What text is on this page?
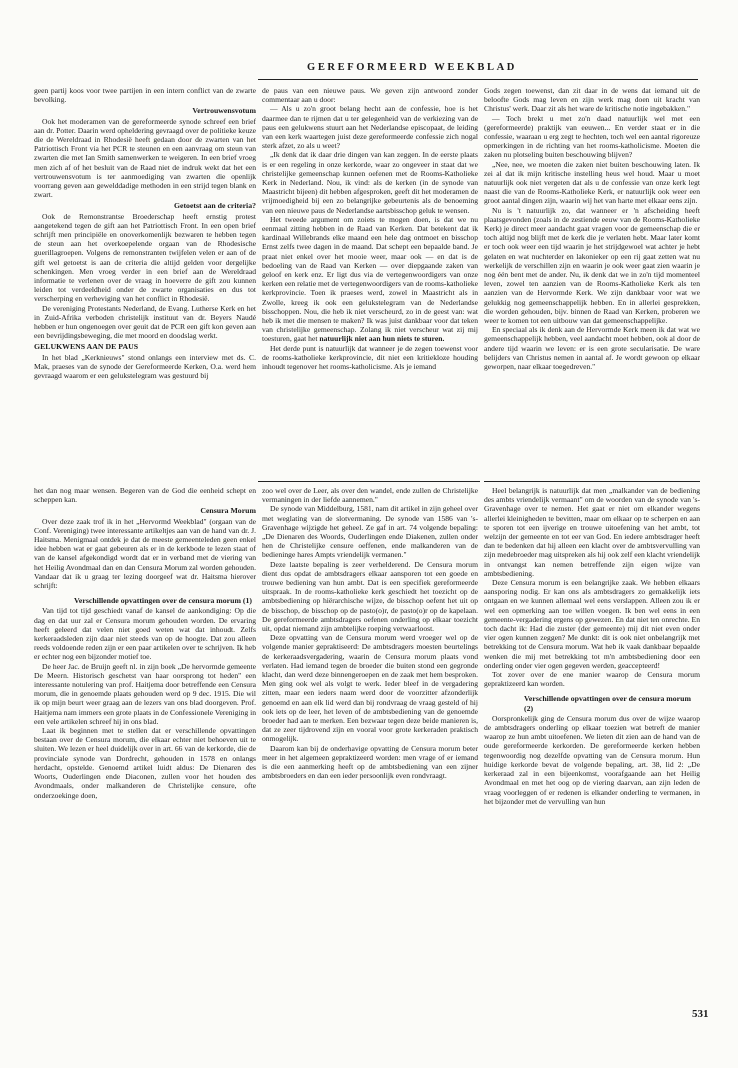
GEREFORMEERD WEEKBLAD

geen partij koos voor twee partijen in een intern conflict van de zwarte bevolking.

Vertrouwensvotum

Ook het moderamen van de gereformeerde synode schreef een brief aan dr. Potter. Daarin werd opheldering gevraagd over de politieke keuze die de Wereldraad in Rhodesië heeft gedaan door de zwarten van het Patriottisch Front via het PCR te steunen en een aanvraag om steun van zwarten die met Ian Smith samenwerken te weigeren. In een brief vroeg men zich af of het besluit van de Raad niet de indruk wekt dat het een vertrouwensvotum is ter aanmoediging van zwarten die openlijk voorrang geven aan gewelddadige methoden in een strijd tegen blank en zwart.

Getoetst aan de criteria?

Ook de Remonstrantse Broederschap heeft ernstig protest aangetekend tegen de gift aan het Patriottisch Front. In een open brief schrijft men principiële en onoverkomenlijk bezwaren te hebben tegen de steun aan het overkoepelende orgaan van de Rhodesische guerillagroepen. Volgens de remonstranten twijfelen velen er aan of de gift wel getoetst is aan de criteria die altijd gelden voor dergelijke schenkingen. Men vroeg verder in een brief aan de Wereldraad informatie te verlenen over de vraag in hoeverre de gift zou kunnen leiden tot verdeeldheid onder de zwarte organisaties en dus tot verscherping en verheviging van het conflict in Rhodesië.

De vereniging Protestants Nederland, de Evang. Lutherse Kerk en het in Zuid-Afrika verboden christelijk instituut van dr. Beyers Naudé hebben er hun ongenoegen over geuit dat de PCR een gift kon geven aan een bevrijdingsbeweging, die met moord en doodslag werkt.

GELUKWENS AAN DE PAUS

In het blad „Kerknieuws" stond onlangs een interview met ds. C. Mak, praeses van de synode der Gereformeerde Kerken, O.a. werd hem gevraagd waarom er een gelukstelegram was gestuurd bij

de paus van een nieuwe paus. We geven zijn antwoord zonder commentaar aan u door:

— Als u zo'n groot belang hecht aan de confessie, hoe is het daarmee dan te rijmen dat u ter gelegenheid van de verkiezing van de paus een gelukwens stuurt aan het Nederlandse episcopaat, de leiding van een kerk waartegen juist deze gereformeerde confessie zich nogal sterk afzet, zo als u weet?

„Ik denk dat ik daar drie dingen van kan zeggen. In de eerste plaats is er een regeling in onze kerkorde, waar zo ongeveer in staat dat we christelijke gemeenschap kunnen oefenen met de Rooms-Katholieke Kerk in Nederland. Nou, ik vind: als de kerken (in de synode van Maastricht bijeen) dit hebben afgesproken, geeft dit het moderamen de vrijmoedigheid bij een zo belangrijke gebeurtenis als de benoeming van een nieuwe paus de Nederlandse aartsbisschop geluk te wensen.

Het tweede argument om zoiets te mogen doen, is dat we nu eenmaal zitting hebben in de Raad van Kerken. Dat betekent dat ik kardinaal Willebrands elke maand een hele dag ontmoet en bisschop Ernst zelfs twee dagen in de maand. Dat schept een bepaalde band. Je praat niet enkel over het mooie weer, maar ook — en dat is de bedoeling van de Raad van Kerken — over diepgaande zaken van geloof en kerk enz. Er ligt dus via de vertegenwoordigers van onze kerken een relatie met de vertegenwoordigers van de rooms-katholieke kerkprovincie. Toen ik praeses werd, zowel in Maastricht als in Zwolle, kreeg ik ook een gelukstelegram van de Nederlandse bisschoppen. Nou, die heb ik niet verscheurd, zo in de geest van: wat heb ik met die mensen te maken? Ik was juist dankbaar voor dat teken van christelijke gemeenschap. Zolang ik niet verscheur wat zij mij toesturen, gaat het natuurlijk niet aan hun niets te sturen.

Het derde punt is natuurlijk dat wanneer je de zegen toewenst voor de rooms-katholieke kerkprovincie, dit niet een kritiekloze houding inhoudt tegenover het rooms-katholicisme. Als je iemand

Gods zegen toewenst, dan zit daar in de wens dat iemand uit de beloofte Gods mag leven en zijn werk mag doen uit kracht van Christus' werk. Daar zit als het ware de kritische notie ingebakken."

— Toch brekt u met zo'n daad natuurlijk wel met een (gereformeerde) praktijk van eeuwen... En verder staat er in die confessie, waaraan u erg zegt te hechten, toch wel een aantal rigoreuze opmerkingen in de richting van het rooms-katholicisme. Moeten die zaken nu plotseling buiten beschouwing blijven?

„Nee, nee, we moeten die zaken niet buiten beschouwing laten. Ik zei al dat ik mijn kritische instelling heus wel houd. Maar u moet natuurlijk ook niet vergeten dat als u de confessie van onze kerk legt naast die van de Rooms-Katholieke Kerk, er natuurlijk ook weer een groot aantal dingen zijn, waarin wij het van harte met elkaar eens zijn.

Nu is 't natuurlijk zo, dat wanneer er 'n afscheiding heeft plaatsgevonden (zoals in de zestiende eeuw van de Rooms-Katholieke Kerk) je direct meer aandacht gaat vragen voor de gemeenschap die er toch altijd nog blijft met de kerk die je verlaten hebt. Maar later komt er toch ook weer een tijd waarin je het strijdgewoel wat achter je hebt gelaten en wat nuchterder en lakonieker op een rij gaat zetten wat nu werkelijk de verschillen zijn en waarin je ook weer gaat zien waarin je nog één bent met de ander. Nu, ik denk dat we in zo'n tijd momenteel leven, zowel ten aanzien van de Rooms-Katholieke Kerk als ten aanzien van de Hervormde Kerk. We zijn dankbaar voor wat we gelukkig nog gemeenschappelijk hebben. En in allerlei gesprekken, die worden gehouden, bijv. binnen de Raad van Kerken, proberen we weer te komen tot een uitbouw van dat gemeenschappelijke.

En speciaal als ik denk aan de Hervormde Kerk meen ik dat wat we gemeenschappelijk hebben, veel aandacht moet hebben, ook al door de andere tijd waarin we leven: er is een grote secularisatie. De ware belijders van Christus nemen in aantal af. Je wordt gewoon op elkaar geworpen, naar elkaar toegedreven."

het dan nog maar wensen. Begeren van de God die eenheid schept en scheppen kan.

Censura Morum

Over deze zaak trof ik in het „Hervormd Weekblad" (orgaan van de Conf. Vereniging) twee interessante artikeltjes aan van de hand van dr. J. Haitsma. Menigmaal ontdek je dat de meeste gemeenteleden geen enkel idee hebben wat er gaat gebeuren als er in de kerkbode te lezen staat of van de kansel afgekondigd wordt dat er in verband met de viering van het Heilig Avondmaal dan en dan Censura Morum zal worden gehouden. Vandaar dat ik u graag ter lezing doorgeef wat dr. Haitsma hierover schrijft:

Verschillende opvattingen over de censura morum (1)

Van tijd tot tijd geschiedt vanaf de kansel de aankondiging: Op die dag en dat uur zal er Censura morum gehouden worden. De ervaring heeft geleerd dat velen niet goed weten wat dat inhoudt. Zelfs kerkeraadsleden zijn daar niet steeds van op de hoogte. Dat zou alleen reeds voldoende reden zijn er een paar artikelen over te schrijven. Ik heb er echter nog een bijzonder motief toe.

De heer Jac. de Bruijn geeft nl. in zijn boek „De hervormde gemeente De Meern. Historisch geschetst van haar oorsprong tot heden" een interessante notulering van prof. Haitjema door betreffende een Censura morum, die in genoemde plaats gehouden werd op 9 dec. 1915. Die wil ik op mijn beurt weer graag aan de lezers van ons blad doorgeven. Prof. Haitjema nam immers een grote plaats in de Confessionele Vereniging in een vele artikelen schreef hij in ons blad.

Laat ik beginnen met te stellen dat er verschillende opvattingen bestaan over de Censura morum, die elkaar echter niet behoeven uit te sluiten. We lezen er heel duidelijk over in art. 66 van de kerkorde, die de provinciale synode van Dordrecht, gehouden in 1578 en onlangs herdacht, opstelde. Genoemd artikel luidt aldus: De Dienaren des Woorts, Ouderlingen ende Diaconen, zullen voor het houden des Avondmaals, onder malkanderen de Christelijke censure, ofte onderzoekinge doen,

zoo wel over de Leer, als over den wandel, ende zullen de Christelijke vermaningen in der liefde aannemen."

De synode van Middelburg, 1581, nam dit artikel in zijn geheel over met weglating van de slotvermaning. De synode van 1586 van 's-Gravenhage wijzigde het geheel. Ze gaf in art. 74 volgende bepaling: „De Dienaren des Woords, Ouderlingen ende Diakenen, zullen onder hen de Christelijke censure oeffenen, ende malkanderen van de bedieninge hares Ampts vriendelijk vermanen."

Deze laatste bepaling is zeer verhelderend. De Censura morum dient dus opdat de ambtsdragers elkaar aansporen tot een goede en trouwe bediening van hun ambt. Dat is een specifiek gereformeerde uitspraak. In de rooms-katholieke kerk geschiedt het toezicht op de ambtsbediening op hiërarchische wijze, de bisschop oefent het uit op de bisschop, de bisschop op de pasto(o)r, de pasto(o)r op de kapelaan. De gereformeerde ambtsdragers oefenen onderling op elkaar toezicht uit, opdat niemand zijn ambtelijke roeping verwaarloost.

Deze opvatting van de Censura morum werd vroeger wel op de volgende manier gepraktiseerd: De ambtsdragers moesten beurtelings de kerkeraadsvergadering, waarin de Censura morum plaats vond verlaten. Had iemand tegen de broeder die buiten stond een gegronde klacht, dan werd deze binnengeroepen en de zaak met hem besproken. Men ging ook wel als volgt te werk. Ieder bleef in de vergadering zitten, maar een ieders naam werd door de voorzitter afzonderlijk genoemd en aan elk lid werd dan bij rondvraag de vraag gesteld of hij ook iets op de leer, het leven of de ambtsbediening van de genoemde broeder had aan te merken. Een bezwaar tegen deze beide manieren is, dat ze zeer tijdrovend zijn en vooral voor grote kerkeraden praktisch onmogelijk.

Daarom kan bij de onderhavige opvatting de Censura morum beter meer in het algemeen gepraktizeerd worden: men vrage of er iemand is die een aanmerking heeft op de ambtsbediening van een zijner ambtsbroeders en dan een ieder persoonlijk even rondvraagt.

Heel belangrijk is natuurlijk dat men „malkander van de bediening des ambts vriendelijk vermaant" om de woorden van de synode van 's-Gravenhage over te nemen. Het gaat er niet om elkander wegens allerlei kleinigheden te bevitten, maar om elkaar op te scherpen en aan te sporen tot een ijverige en trouwe uitoefening van het ambt, tot welzijn der gemeente en tot eer van God. En iedere ambtsdrager heeft dan te bedenken dat hij alleen een klacht over de ambtsvervulling van zijn medebroeder mag uitspreken als hij ook zelf een klacht vriendelijk in ontvangst kan nemen betreffende zijn eigen wijze van ambtsbediening.

Deze Censura morum is een belangrijke zaak. We hebben elkaars aansporing nodig. Er kan ons als ambtsdragers zo gemakkelijk iets ontgaan en we kunnen allemaal wel eens verslappen. Alleen zou ik er wel een opmerking aan toe willen voegen. Ik ben wel eens in een gemeente-vergadering ergens op gewezen. En dat niet ten onrechte. En toch dacht ik: Had die zuster (der gemeente) mij dit niet even onder vier ogen kunnen zeggen? Me dunkt: dit is ook niet onbelangrijk met betrekking tot de Censura morum. Wat heb ik vaak dankbaar bepaalde wenken die mij met betrekking tot m'n ambtsbediening door een onderling onder vier ogen gegeven werden, geaccepteerd!

Tot zover over de ene manier waarop de Censura morum gepraktizeerd kan worden.

Verschillende opvattingen over de censura morum (2)

Oorspronkelijk ging de Censura morum dus over de wijze waarop de ambtsdragers onderling op elkaar toezien wat betreft de manier waarop ze hun ambt uitoefenen. We lieten dit zien aan de hand van de oude gereformeerde kerkorden. De gereformeerde kerken hebben tegenwoordig nog dezelfde opvatting van de Censura morum. Hun huidige kerkorde bevat de volgende bepaling, art. 38, lid 2: „De kerkeraad zal in een bijeenkomst, voorafgaande aan het Heilig Avondmaal en met het oog op de viering daarvan, aan zijn leden de vraag voorleggen of er redenen is elkander onderling te vermanen, in het bijzonder met de vervulling van hun

531
